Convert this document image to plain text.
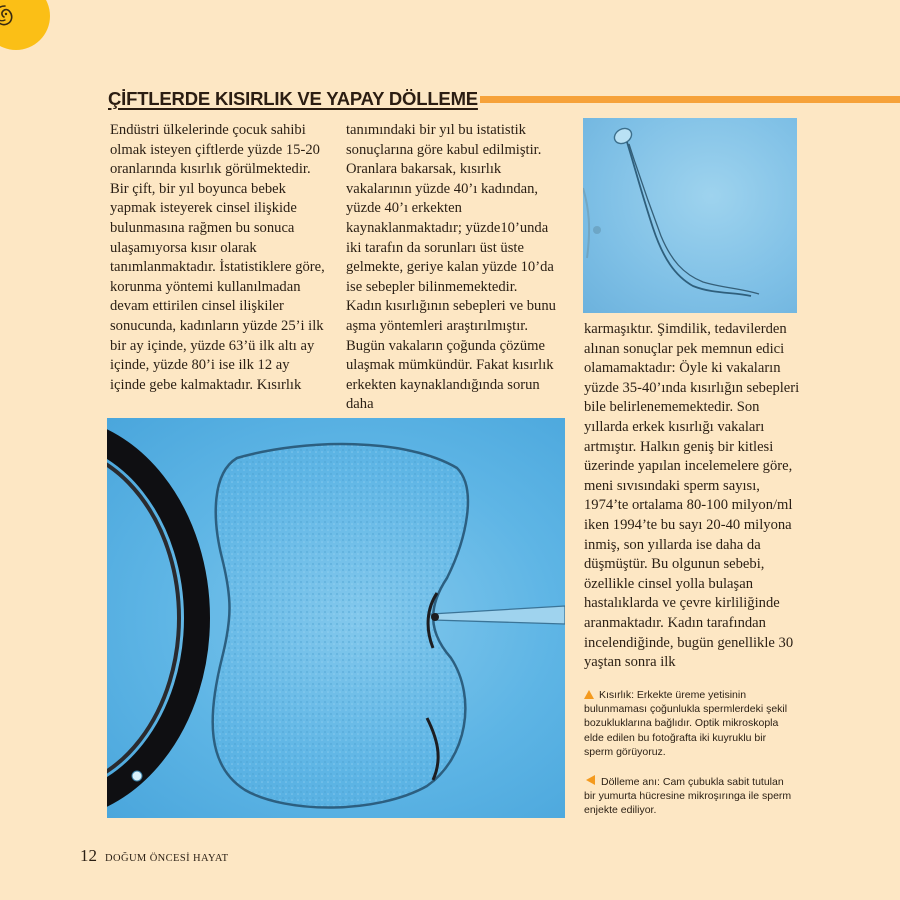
ÇİFTLERDE KISIRLIK VE YAPAY DÖLLEME

Endüstri ülkelerinde çocuk sahibi olmak isteyen çiftlerde yüzde 15-20 oranlarında kısırlık görülmektedir. Bir çift, bir yıl boyunca bebek yapmak isteyerek cinsel ilişkide bulunmasına rağmen bu sonuca ulaşamıyorsa kısır olarak tanımlanmaktadır. İstatistiklere göre, korunma yöntemi kullanılmadan devam ettirilen cinsel ilişkiler sonucunda, kadınların yüzde 25’i ilk bir ay içinde, yüzde 63’ü ilk altı ay içinde, yüzde 80’i ise ilk 12 ay içinde gebe kalmaktadır. Kısırlık

tanımındaki bir yıl bu istatistik sonuçlarına göre kabul edilmiştir. Oranlara bakarsak, kısırlık vakalarının yüzde 40’ı kadından, yüzde 40’ı erkekten kaynaklanmaktadır; yüzde10’unda iki tarafın da sorunları üst üste gelmekte, geriye kalan yüzde 10’da ise sebepler bilinmemektedir.

Kadın kısırlığının sebepleri ve bunu aşma yöntemleri araştırılmıştır. Bugün vakaların çoğunda çözüme ulaşmak mümkündür. Fakat kısırlık erkekten kaynaklandığında sorun daha

karmaşıktır. Şimdilik, tedavilerden alınan sonuçlar pek memnun edici olamamaktadır: Öyle ki vakaların yüzde 35-40’ında kısırlığın sebepleri bile belirlenememektedir. Son yıllarda erkek kısırlığı vakaları artmıştır. Halkın geniş bir kitlesi üzerinde yapılan incelemelere göre, meni sıvısındaki sperm sayısı, 1974’te ortalama 80-100 milyon/ml iken 1994’te bu sayı 20-40 milyona inmiş, son yıllarda ise daha da düşmüştür. Bu olgunun sebebi, özellikle cinsel yolla bulaşan hastalıklarda ve çevre kirliliğinde aranmaktadır. Kadın tarafından incelendiğinde, bugün genellikle 30 yaştan sonra ilk

Kısırlık: Erkekte üreme yetisinin bulunmaması çoğunlukla spermlerdeki şekil bozukluklarına bağlıdır. Optik mikroskopla elde edilen bu fotoğrafta iki kuyruklu bir sperm görüyoruz.
Dölleme anı: Cam çubukla sabit tutulan bir yumurta hücresine mikroşırınga ile sperm enjekte ediliyor.
12 DOĞUM ÖNCESİ HAYAT
